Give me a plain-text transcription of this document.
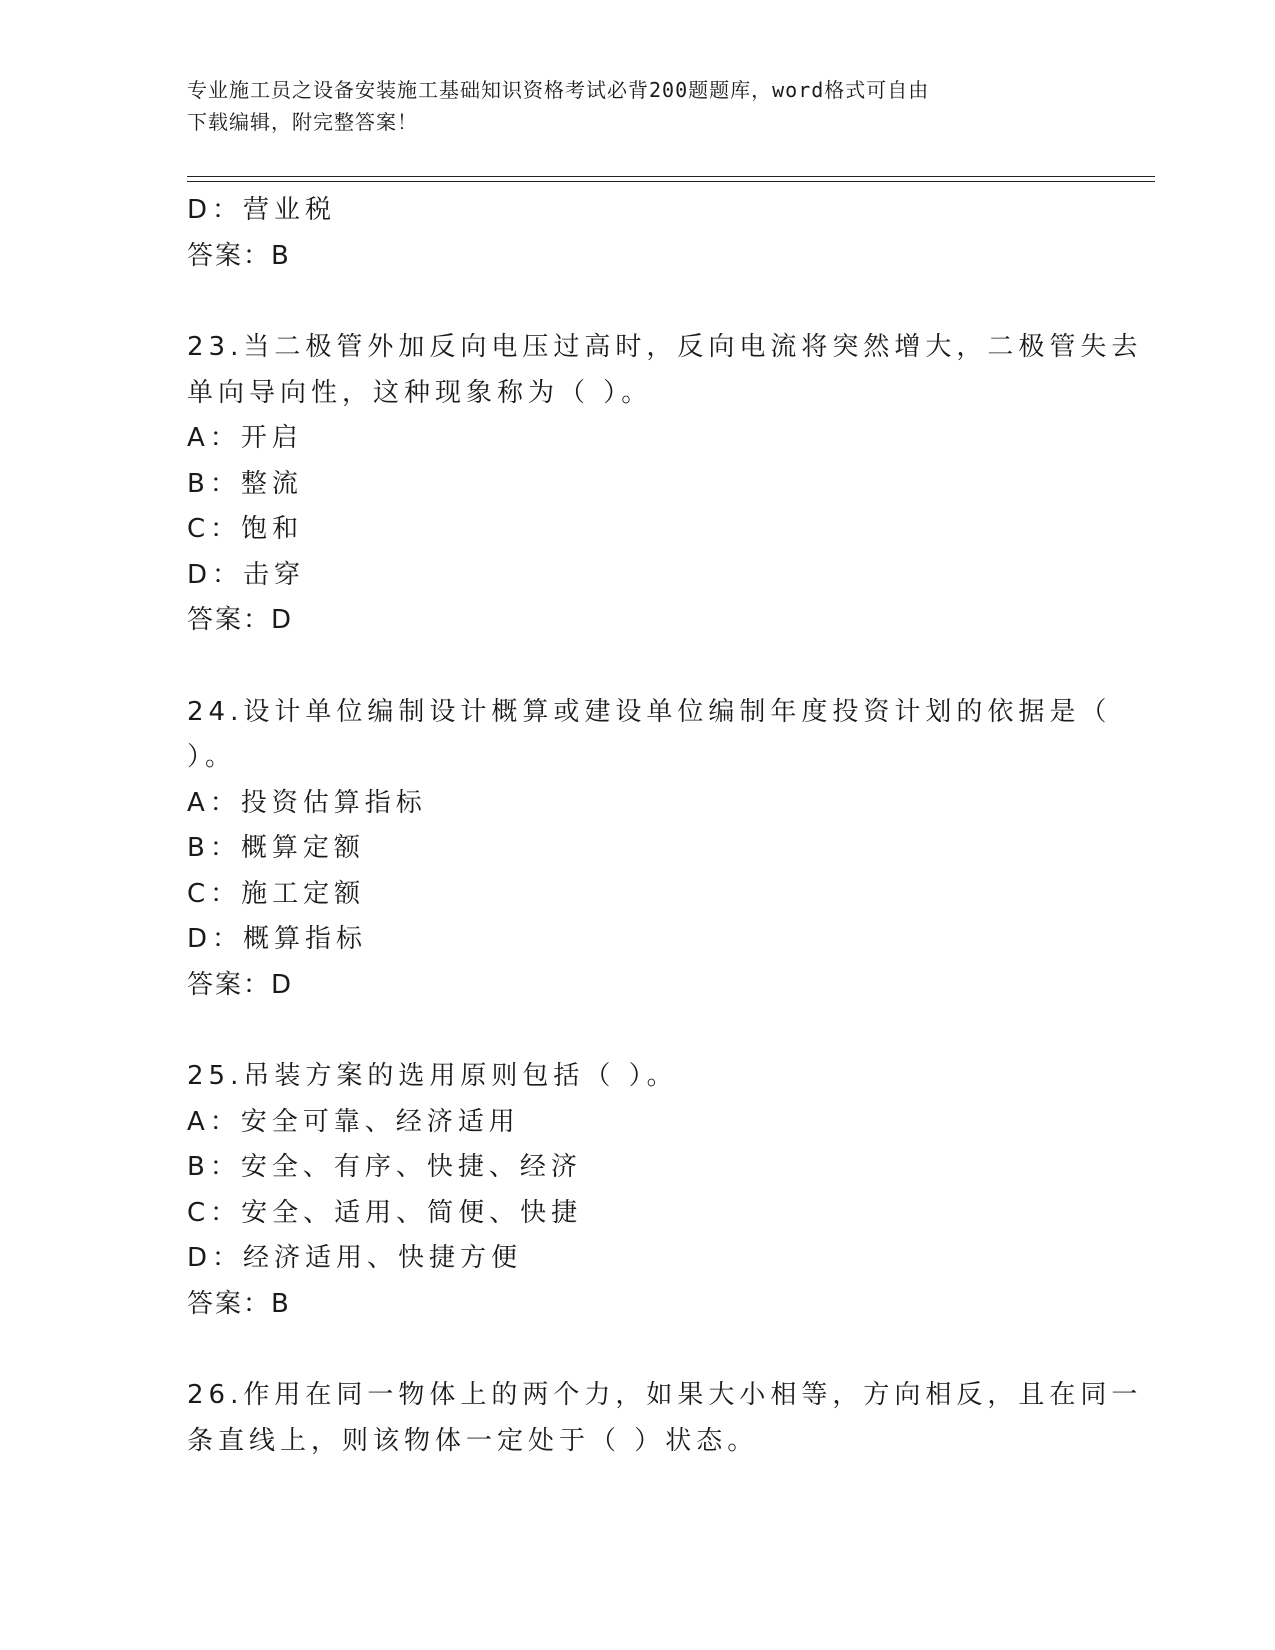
专业施工员之设备安装施工基础知识资格考试必背200题题库，word格式可自由
下载编辑，附完整答案！
D：营业税
答案：B
23.当二极管外加反向电压过高时，反向电流将突然增大，二极管失去
单向导向性，这种现象称为（ ）。
A：开启
B：整流
C：饱和
D：击穿
答案：D
24.设计单位编制设计概算或建设单位编制年度投资计划的依据是（
）。
A：投资估算指标
B：概算定额
C：施工定额
D：概算指标
答案：D
25.吊装方案的选用原则包括（ ）。
A：安全可靠、经济适用
B：安全、有序、快捷、经济
C：安全、适用、简便、快捷
D：经济适用、快捷方便
答案：B
26.作用在同一物体上的两个力，如果大小相等，方向相反，且在同一
条直线上，则该物体一定处于（ ）状态。
